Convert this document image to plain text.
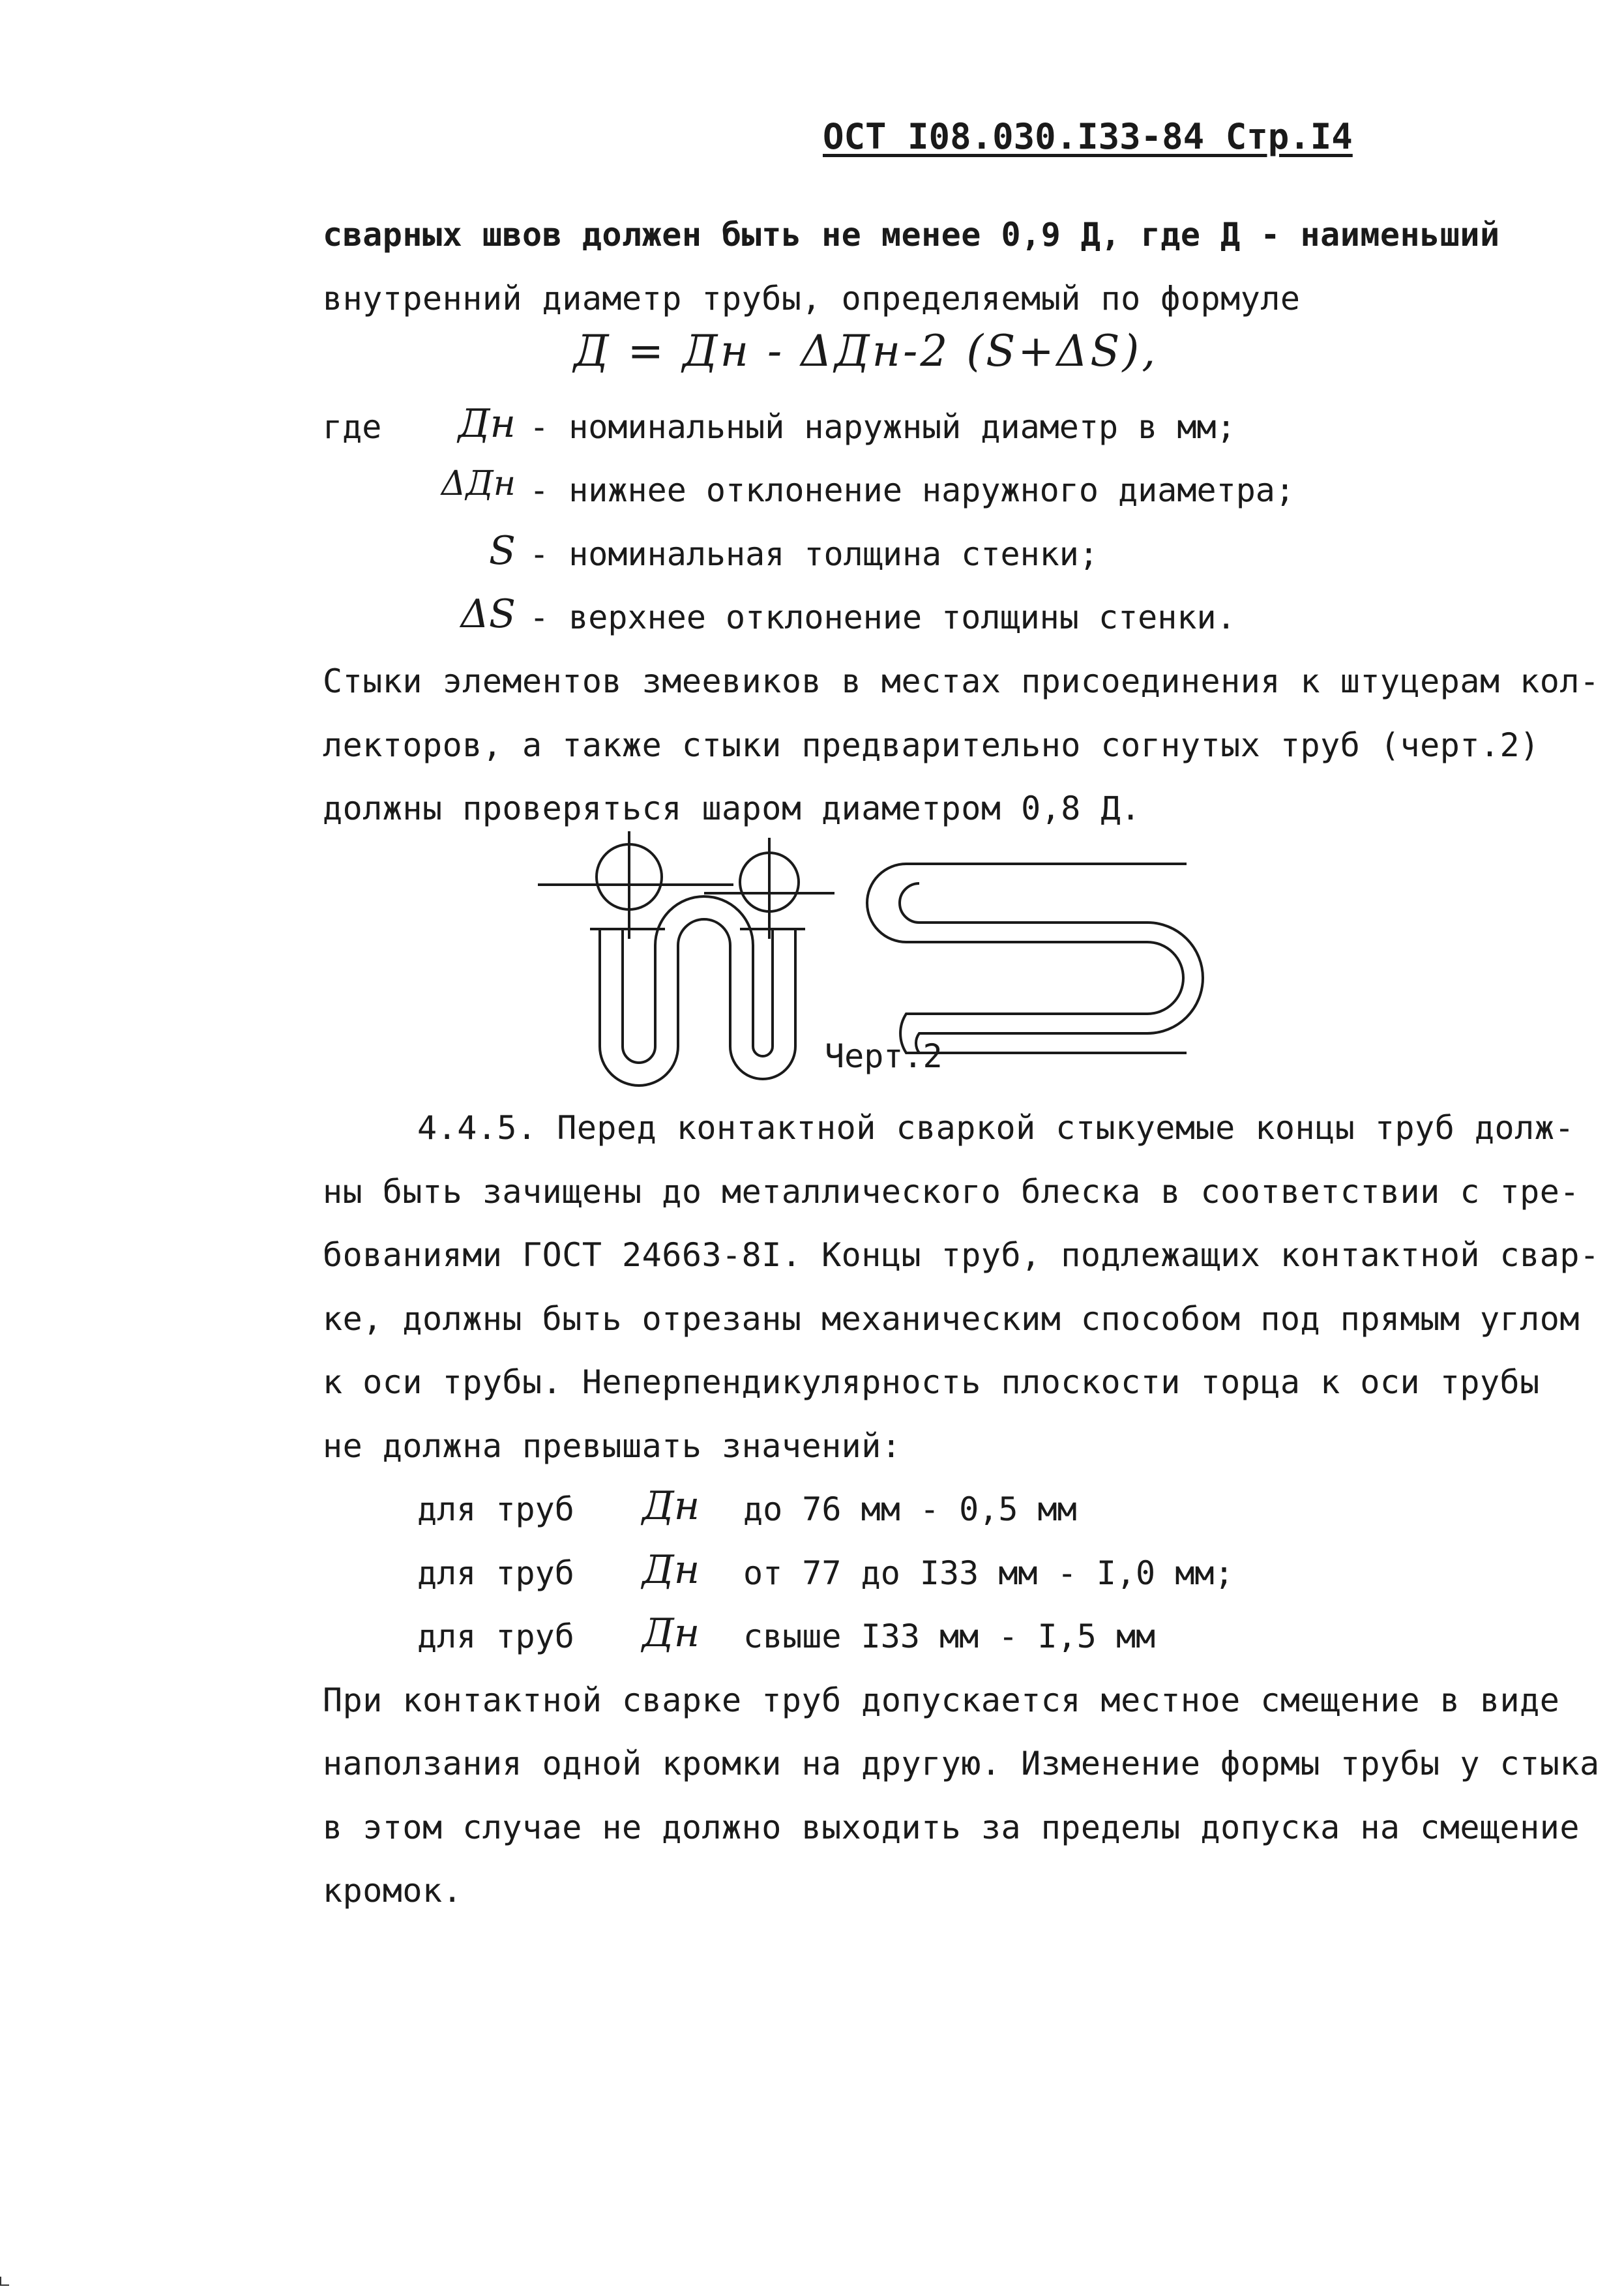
ОСТ I08.030.I33-84 Стр.I4
сварных швов должен быть не менее 0,9 Д, где Д - наименьший
внутренний диаметр трубы, определяемый по формуле
Д = Дн - ΔДн-2 (S+ΔS),
где Дн - номинальный наружный диаметр в мм;
ΔДн - нижнее отклонение наружного диаметра;
S - номинальная толщина стенки;
ΔS - верхнее отклонение толщины стенки.
Стыки элементов змеевиков в местах присоединения к штуцерам кол-
лекторов, а также стыки предварительно согнутых труб (черт.2)
должны проверяться шаром диаметром 0,8 Д.
Черт.2
4.4.5. Перед контактной сваркой стыкуемые концы труб долж-
ны быть зачищены до металлического блеска в соответствии с тре-
бованиями ГОСТ 24663-8I. Концы труб, подлежащих контактной свар-
ке, должны быть отрезаны механическим способом под прямым углом
к оси трубы. Неперпендикулярность плоскости торца к оси трубы
не должна превышать значений:
для труб Дн до 76 мм - 0,5 мм
для труб Дн от 77 до I33 мм - I,0 мм;
для труб Дн свыше I33 мм - I,5 мм
При контактной сварке труб допускается местное смещение в виде
наползания одной кромки на другую. Изменение формы трубы у стыка
в этом случае не должно выходить за пределы допуска на смещение
кромок.
